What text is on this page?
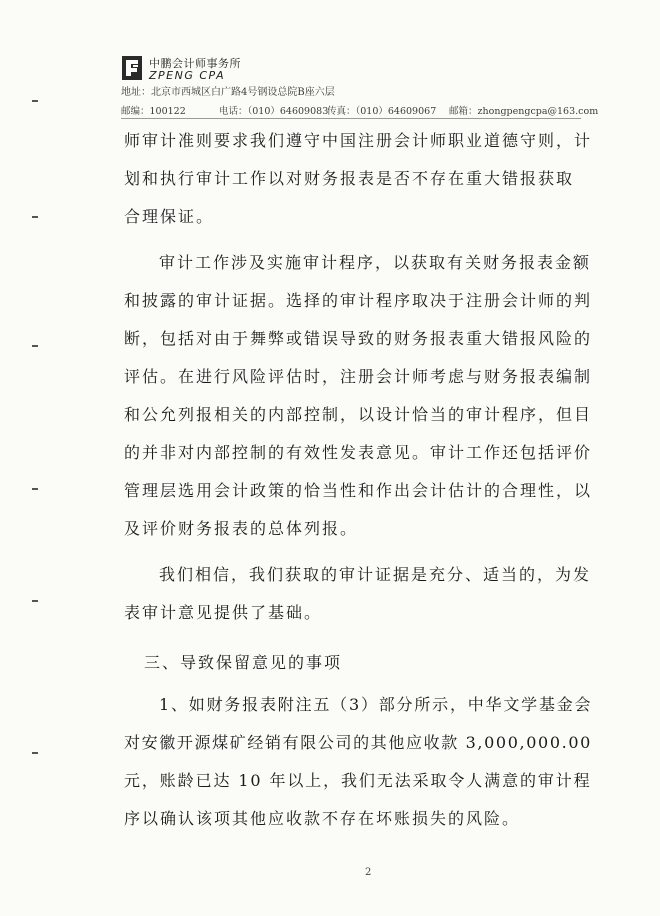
中鹏会计师事务所
ZPENG CPA
地址：北京市西城区白广路4号钢设总院B座六层
邮编：100122	电话：（010）64609083
传真：（010）64609067 邮箱：zhongpengcpa@163.com
师审计准则要求我们遵守中国注册会计师职业道德守则，计
划和执行审计工作以对财务报表是否不存在重大错报获取
合理保证。
审计工作涉及实施审计程序，以获取有关财务报表金额
和披露的审计证据。选择的审计程序取决于注册会计师的判
断，包括对由于舞弊或错误导致的财务报表重大错报风险的
评估。在进行风险评估时，注册会计师考虑与财务报表编制
和公允列报相关的内部控制，以设计恰当的审计程序，但目
的并非对内部控制的有效性发表意见。审计工作还包括评价
管理层选用会计政策的恰当性和作出会计估计的合理性，以
及评价财务报表的总体列报。
我们相信，我们获取的审计证据是充分、适当的，为发
表审计意见提供了基础。
三、导致保留意见的事项
1、如财务报表附注五（3）部分所示，中华文学基金会
对安徽开源煤矿经销有限公司的其他应收款 3,000,000.00
元，账龄已达 10 年以上，我们无法采取令人满意的审计程
序以确认该项其他应收款不存在坏账损失的风险。
2
